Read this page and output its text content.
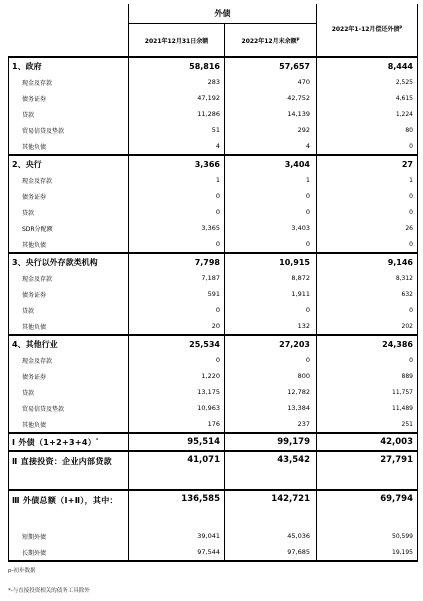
	外债		2022年1-12月偿还外债$^p$
	2021年12月31日余额	2022年12月末余额$^p$
1、政府	58,816	57,657	8,444
现金及存款	283	470	2,525
债务证券	47,192	42,752	4,615
贷款	11,286	14,139	1,224
贸易信贷及垫款	51	292	80
其他负债	4	4	0
2、央行	3,366	3,404	27
现金及存款	1	1	1
债务证券	0	0	0
贷款	0	0	0
SDR分配额	3,365	3,403	26
其他负债	0	0	0
3、央行以外存款类机构	7,798	10,915	9,146
现金及存款	7,187	8,872	8,312
债务证券	591	1,911	632
贷款	0	0	0
其他负债	20	132	202
4、其他行业	25,534	27,203	24,386
现金及存款	0	0	0
债务证券	1,220	800	889
贷款	13,175	12,782	11,757
贸易信贷及垫款	10,963	13,384	11,489
其他负债	176	237	251
Ⅰ 外债（1+2+3+4）*	95,514	99,179	42,003
Ⅱ 直接投资：企业内部贷款	41,071	43,542	27,791
Ⅲ 外债总额（Ⅰ+Ⅱ），其中：	136,585	142,721	69,794
短期外债	39,041	45,036	50,599
长期外债	97,544	97,685	19,195
p-初步数据
*-与直接投资相关的债务工具除外
